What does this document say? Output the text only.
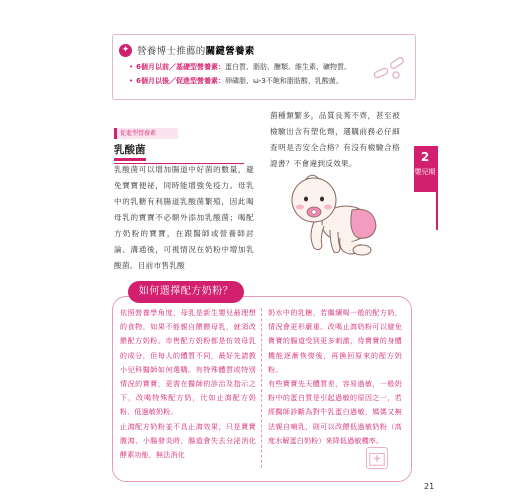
✦ 營養博士推薦的關鍵營養素
• 6個月以前／基礎型營養素：蛋白質、脂肪、醣類、維生素、礦物質。
• 6個月以後／促進型營養素：卵磷脂、ω-3不飽和脂肪酸、乳酸菌。
促進型營養素
乳酸菌
乳酸菌可以增加腸道中好菌的數量，避免寶寶便祕，同時能增強免疫力。母乳中的乳糖有利腸道乳酸菌繁殖，因此喝母乳的寶寶不必額外添加乳酸菌；喝配方奶粉的寶寶，在跟醫師或營養師討論、溝通後，可視情況在奶粉中增加乳酸菌。目前市售乳酸
菌種類繁多，品質良莠不齊，甚至被檢驗出含有塑化劑，選購前務必仔細查明是否安全合格？有沒有檢驗合格證書？不會違到反效果。	2
嬰兒期
如何選擇配方奶粉？

依照營養學角度，母乳是新生嬰兒最理想的食物，如果不能親自餵餵母乳，就須改餵配方奶粉。市售配方奶粉都是仿效母乳的成分，但每人的體質不同，最好先請教小兒科醫師如何選購。有特殊體質或特別情況的寶寶，更需在醫師的診治及指示之下，改喝特殊配方奶，比如止瀉配方奶粉、低過敏奶粉。

止瀉配方奶粉並不具止瀉效果，只是寶寶腹瀉、小腸發炎時，腸道會失去分泌消化酵素功能，無法消化

奶水中的乳糖，若繼續喝一般的配方奶，情況會更形嚴重。改喝止瀉奶粉可以避免寶寶的腸道受到更多刺激，待寶寶的身體機能逐漸恢復後，再換回原來的配方奶粉。

有些寶寶先天體質差，容易過敏，一般奶粉中的蛋白質是引起過敏的原因之一，若經醫師診斷為對牛乳蛋白過敏，媽媽又無法親自哺乳，則可以改餵低過敏奶粉（高度水解蛋白奶粉）來降低過敏機率。

21
